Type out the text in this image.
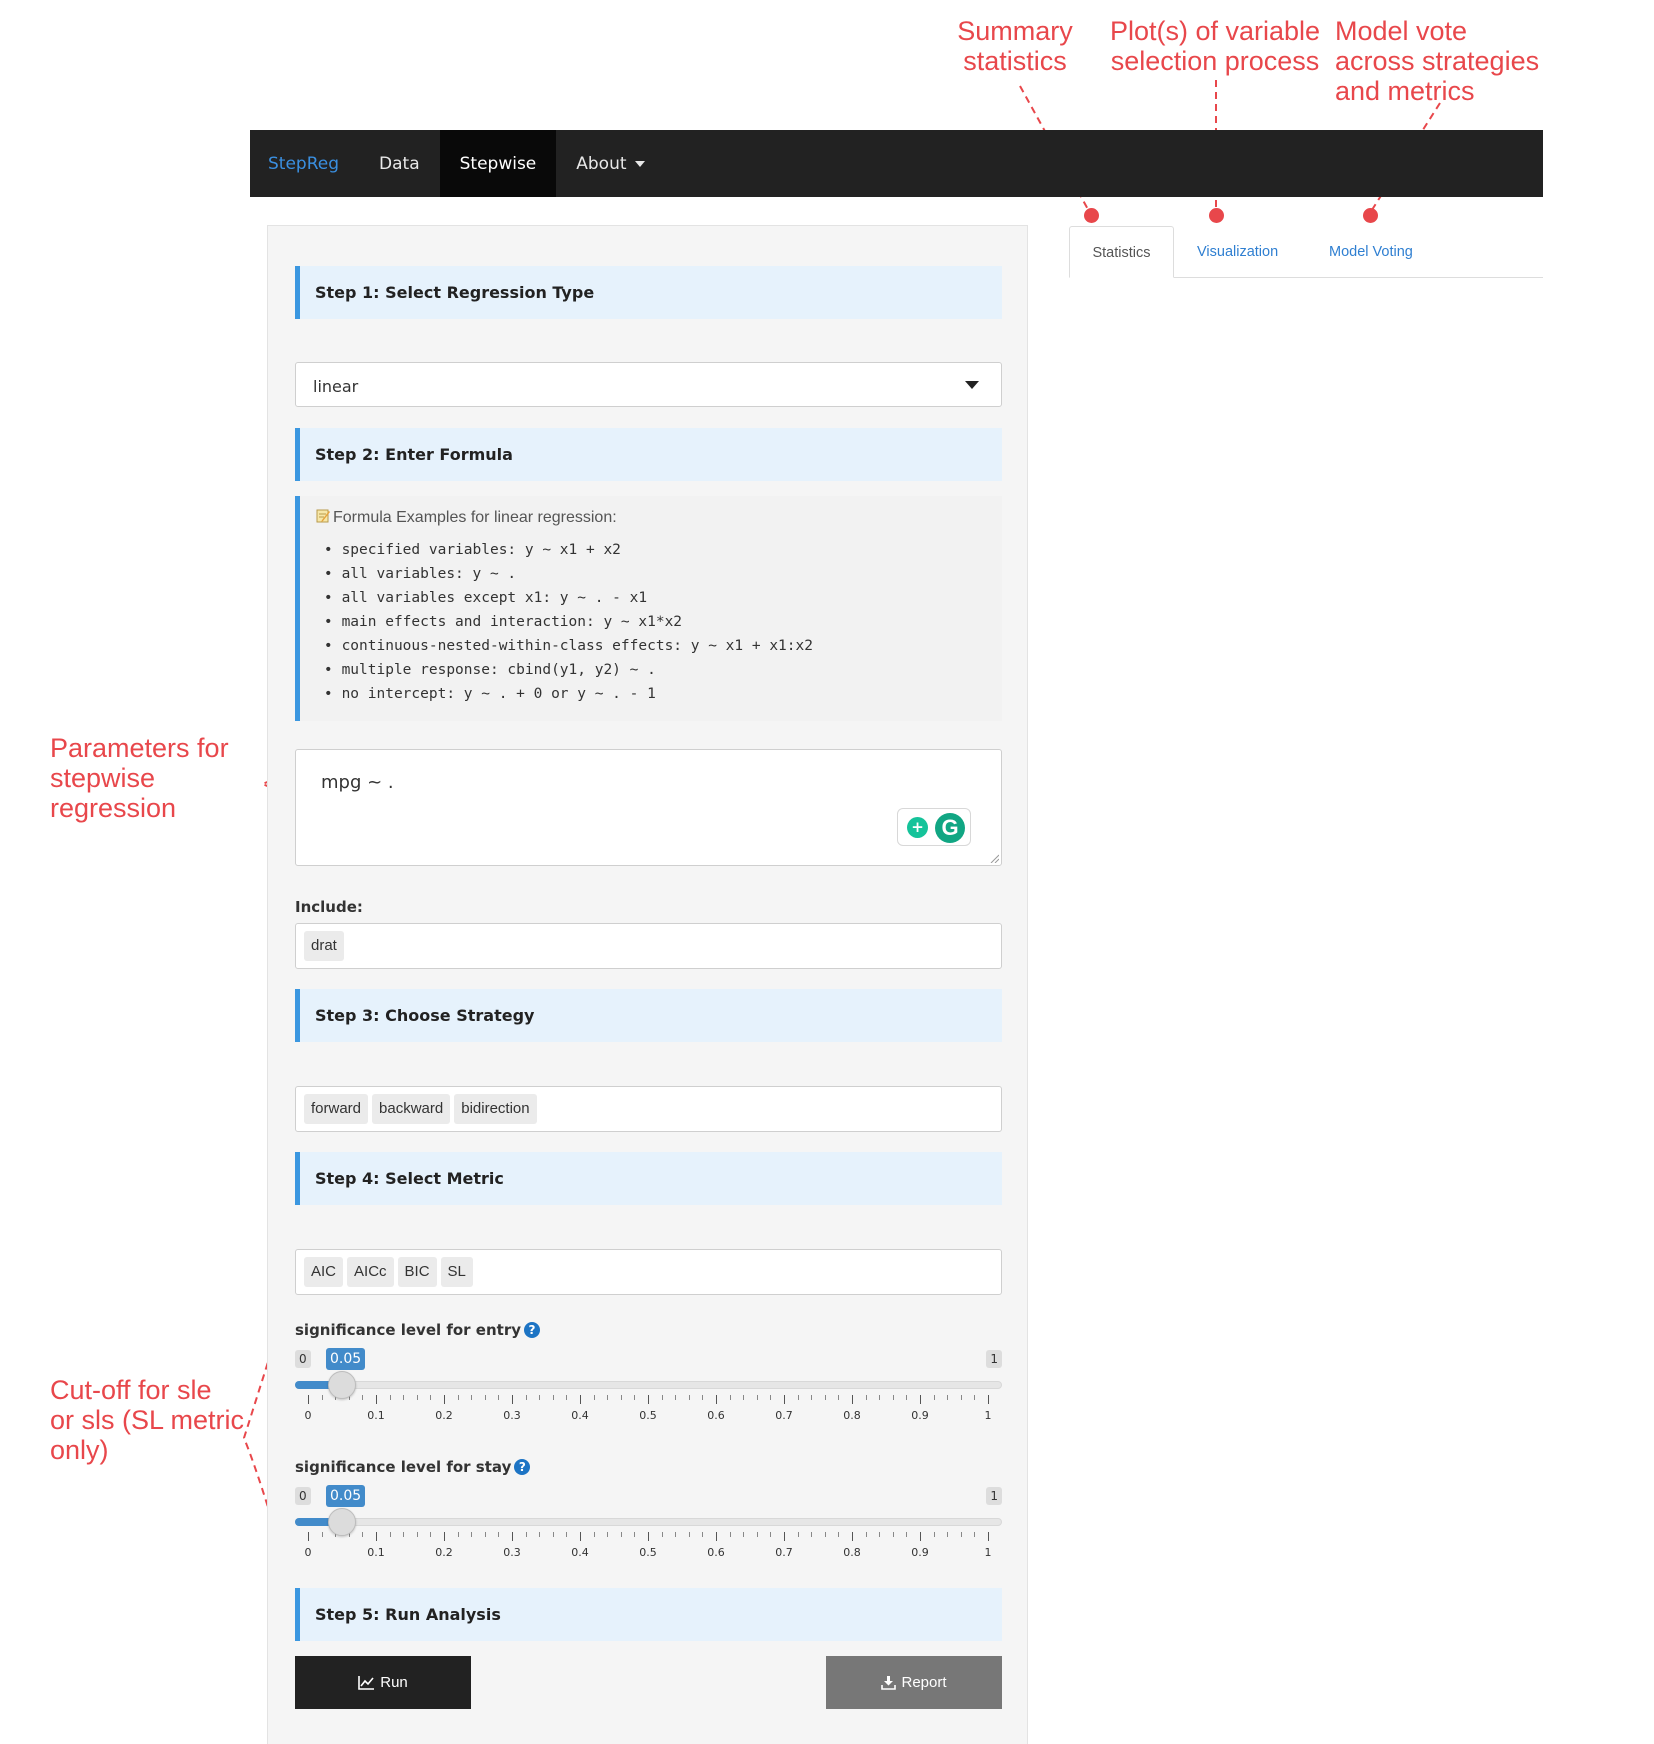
Summary
statistics
Plot(s) of variable
selection process
Model vote
across strategies
and metrics
Parameters for
stepwise
regression
Cut-off for sle
or sls (SL metric
only)
StepReg	Data	Stepwise	About
Statistics	Visualization	Model Voting
Step 1: Select Regression Type
linear
Step 2: Enter Formula
Formula Examples for linear regression:
• specified variables: y ~ x1 + x2
• all variables: y ~ .
• all variables except x1: y ~ . - x1
• main effects and interaction: y ~ x1*x2
• continuous-nested-within-class effects: y ~ x1 + x1:x2
• multiple response: cbind(y1, y2) ~ .
• no intercept: y ~ . + 0 or y ~ . - 1
mpg ~ .
+ G
Include:
drat
Step 3: Choose Strategy
forward backward bidirection
Step 4: Select Metric
AIC AICc BIC SL
significance level for entry ?
0	1
0.05
0	0.1	0.2	0.3	0.4	0.5	0.6	0.7	0.8	0.9	1
significance level for stay ?
0	1
0.05
0	0.1	0.2	0.3	0.4	0.5	0.6	0.7	0.8	0.9	1
Step 5: Run Analysis
Run	Report
